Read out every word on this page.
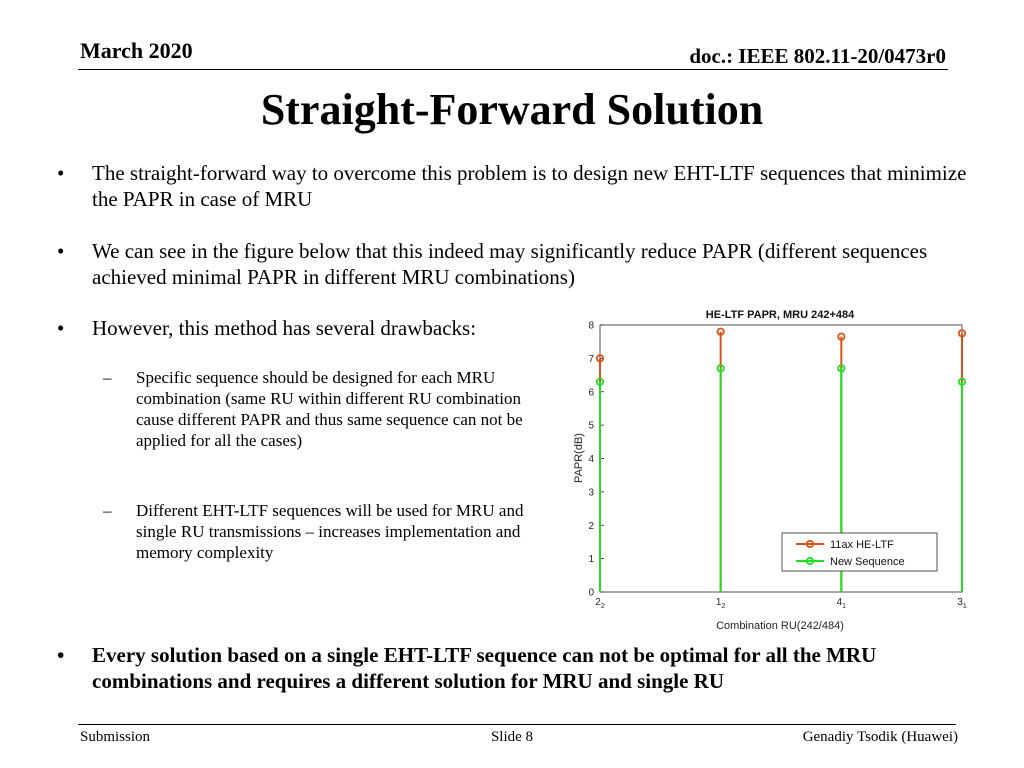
March 2020	doc.: IEEE 802.11-20/0473r0
Straight-Forward Solution
• The straight-forward way to overcome this problem is to design new EHT-LTF sequences that minimize the PAPR in case of MRU
• We can see in the figure below that this indeed may significantly reduce PAPR (different sequences achieved minimal PAPR in different MRU combinations)
• However, this method has several drawbacks:
– Specific sequence should be designed for each MRU combination (same RU within different RU combination cause different PAPR and thus same sequence can not be applied for all the cases)
– Different EHT-LTF sequences will be used for MRU and single RU transmissions – increases implementation and memory complexity
HE-LTF PAPR, MRU 242+484
PAPR(dB)
Combination RU(242/484)
0
1
2
3
4
5
6
7
8
$2_2$	$1_2$	$4_1$	$3_1$
11ax HE-LTF
New Sequence
• Every solution based on a single EHT-LTF sequence can not be optimal for all the MRU combinations and requires a different solution for MRU and single RU
Submission	Slide 8	Genadiy Tsodik (Huawei)
